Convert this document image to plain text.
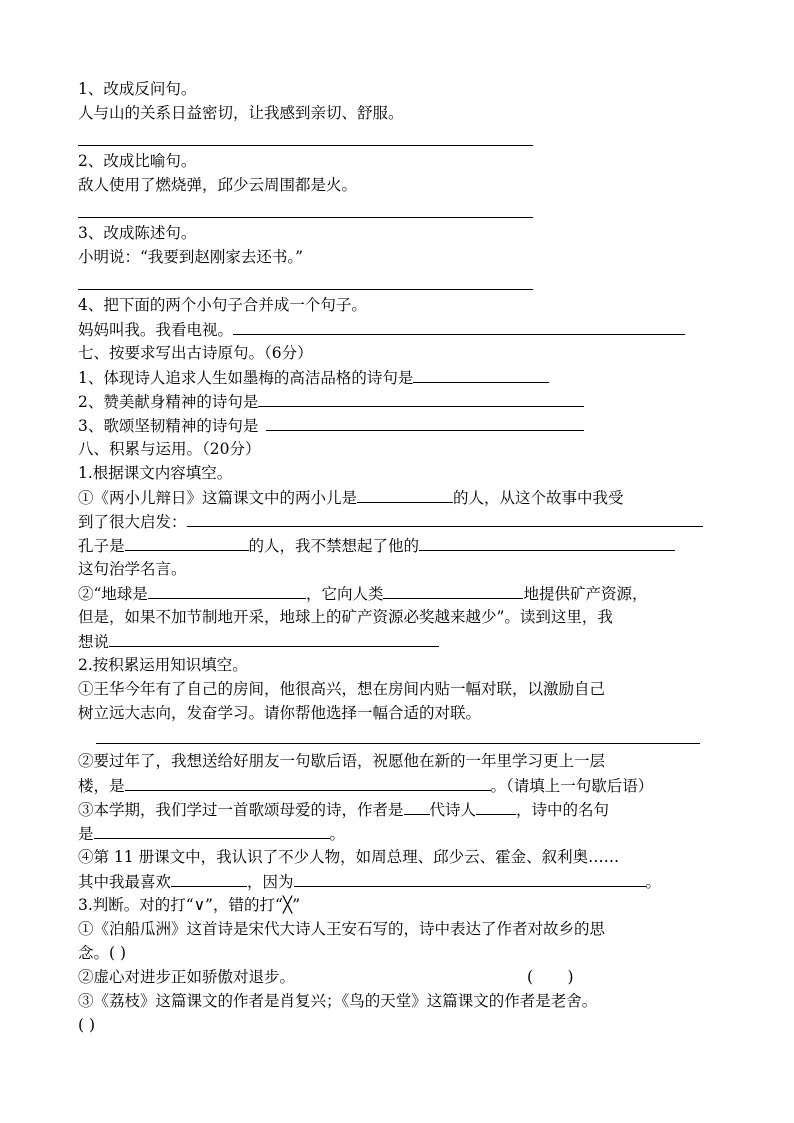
1、改成反问句。
人与山的关系日益密切，让我感到亲切、舒服。
2、改成比喻句。
敌人使用了燃烧弹，邱少云周围都是火。
3、改成陈述句。
小明说：“我要到赵刚家去还书。”
4、把下面的两个小句子合并成一个句子。
妈妈叫我。我看电视。
七、按要求写出古诗原句。（6分）
1、体现诗人追求人生如墨梅的高洁品格的诗句是
2、赞美献身精神的诗句是
3、歌颂坚韧精神的诗句是
八、积累与运用。（20分）
1.根据课文内容填空。
①《两小儿辩日》这篇课文中的两小儿是	的人，从这个故事中我受
到了很大启发：
孔子是	的人，我不禁想起了他的
这句治学名言。
②“地球是	，它向人类	地提供矿产资源，
但是，如果不加节制地开采，地球上的矿产资源必奖越来越少”。读到这里，我
想说
2.按积累运用知识填空。
①王华今年有了自己的房间，他很高兴，想在房间内贴一幅对联，以激励自己
树立远大志向，发奋学习。请你帮他选择一幅合适的对联。
②要过年了，我想送给好朋友一句歇后语，祝愿他在新的一年里学习更上一层
楼，是	。（请填上一句歇后语）
③本学期，我们学过一首歌颂母爱的诗，作者是 代诗人	，诗中的名句
是	。
④第 11 册课文中，我认识了不少人物，如周总理、邱少云、霍金、叙利奥……
其中我最喜欢	，因为	。
3.判断。对的打“∨”，错的打“╳”
①《泊船瓜洲》这首诗是宋代大诗人王安石写的，诗中表达了作者对故乡的思
念。( )
②虚心对进步正如骄傲对退步。	(       )
③《荔枝》这篇课文的作者是肖复兴；《鸟的天堂》这篇课文的作者是老舍。
( )
